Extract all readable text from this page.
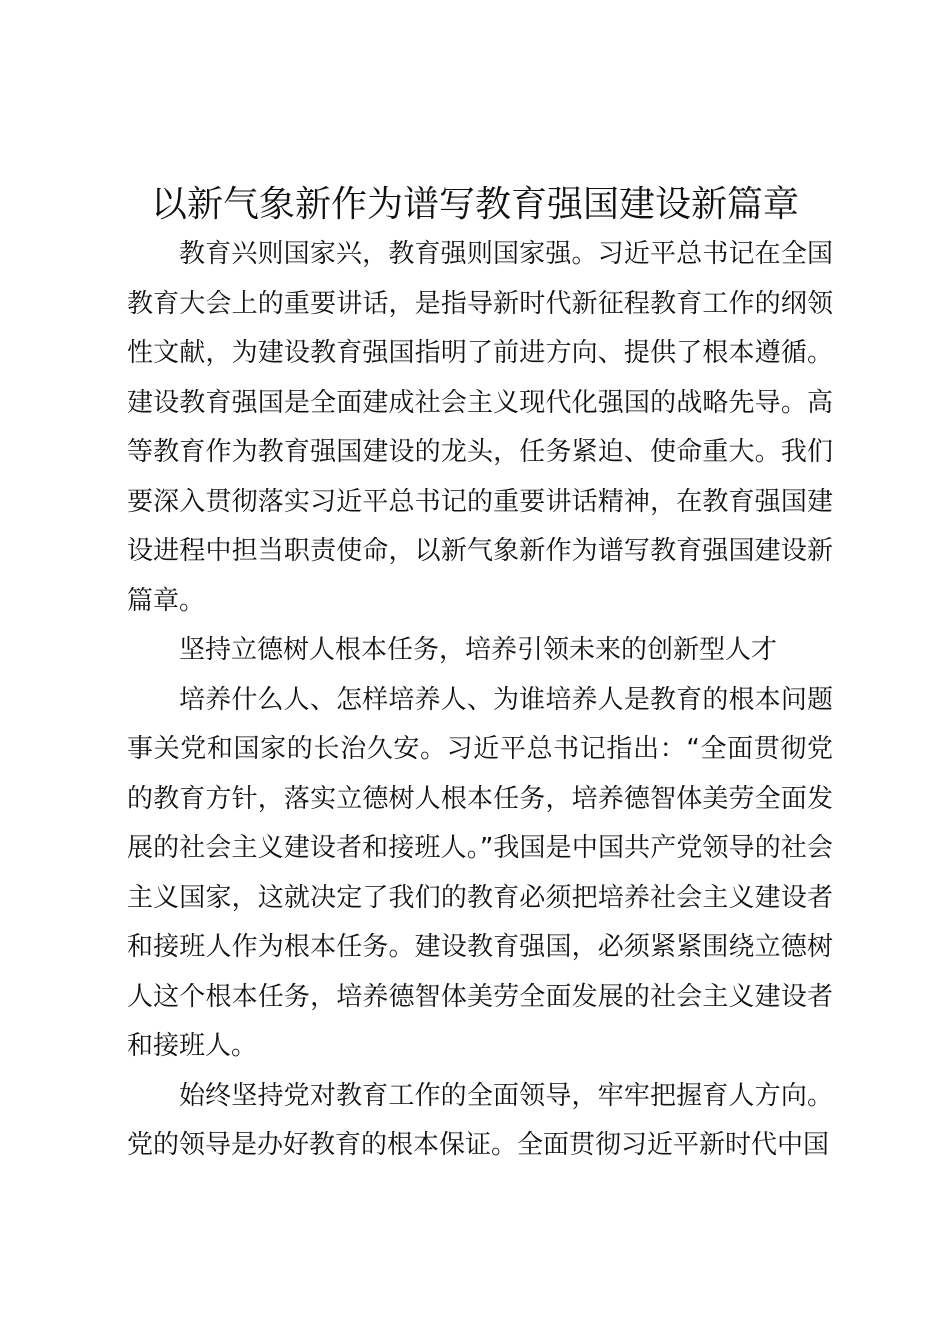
以新气象新作为谱写教育强国建设新篇章

教育兴则国家兴，教育强则国家强。习近平总书记在全国教育大会上的重要讲话，是指导新时代新征程教育工作的纲领性文献，为建设教育强国指明了前进方向、提供了根本遵循。建设教育强国是全面建成社会主义现代化强国的战略先导。高等教育作为教育强国建设的龙头，任务紧迫、使命重大。我们要深入贯彻落实习近平总书记的重要讲话精神，在教育强国建设进程中担当职责使命，以新气象新作为谱写教育强国建设新篇章。

坚持立德树人根本任务，培养引领未来的创新型人才

培养什么人、怎样培养人、为谁培养人是教育的根本问题事关党和国家的长治久安。习近平总书记指出：“全面贯彻党的教育方针，落实立德树人根本任务，培养德智体美劳全面发展的社会主义建设者和接班人。”我国是中国共产党领导的社会主义国家，这就决定了我们的教育必须把培养社会主义建设者和接班人作为根本任务。建设教育强国，必须紧紧围绕立德树人这个根本任务，培养德智体美劳全面发展的社会主义建设者和接班人。

始终坚持党对教育工作的全面领导，牢牢把握育人方向。党的领导是办好教育的根本保证。全面贯彻习近平新时代中国
